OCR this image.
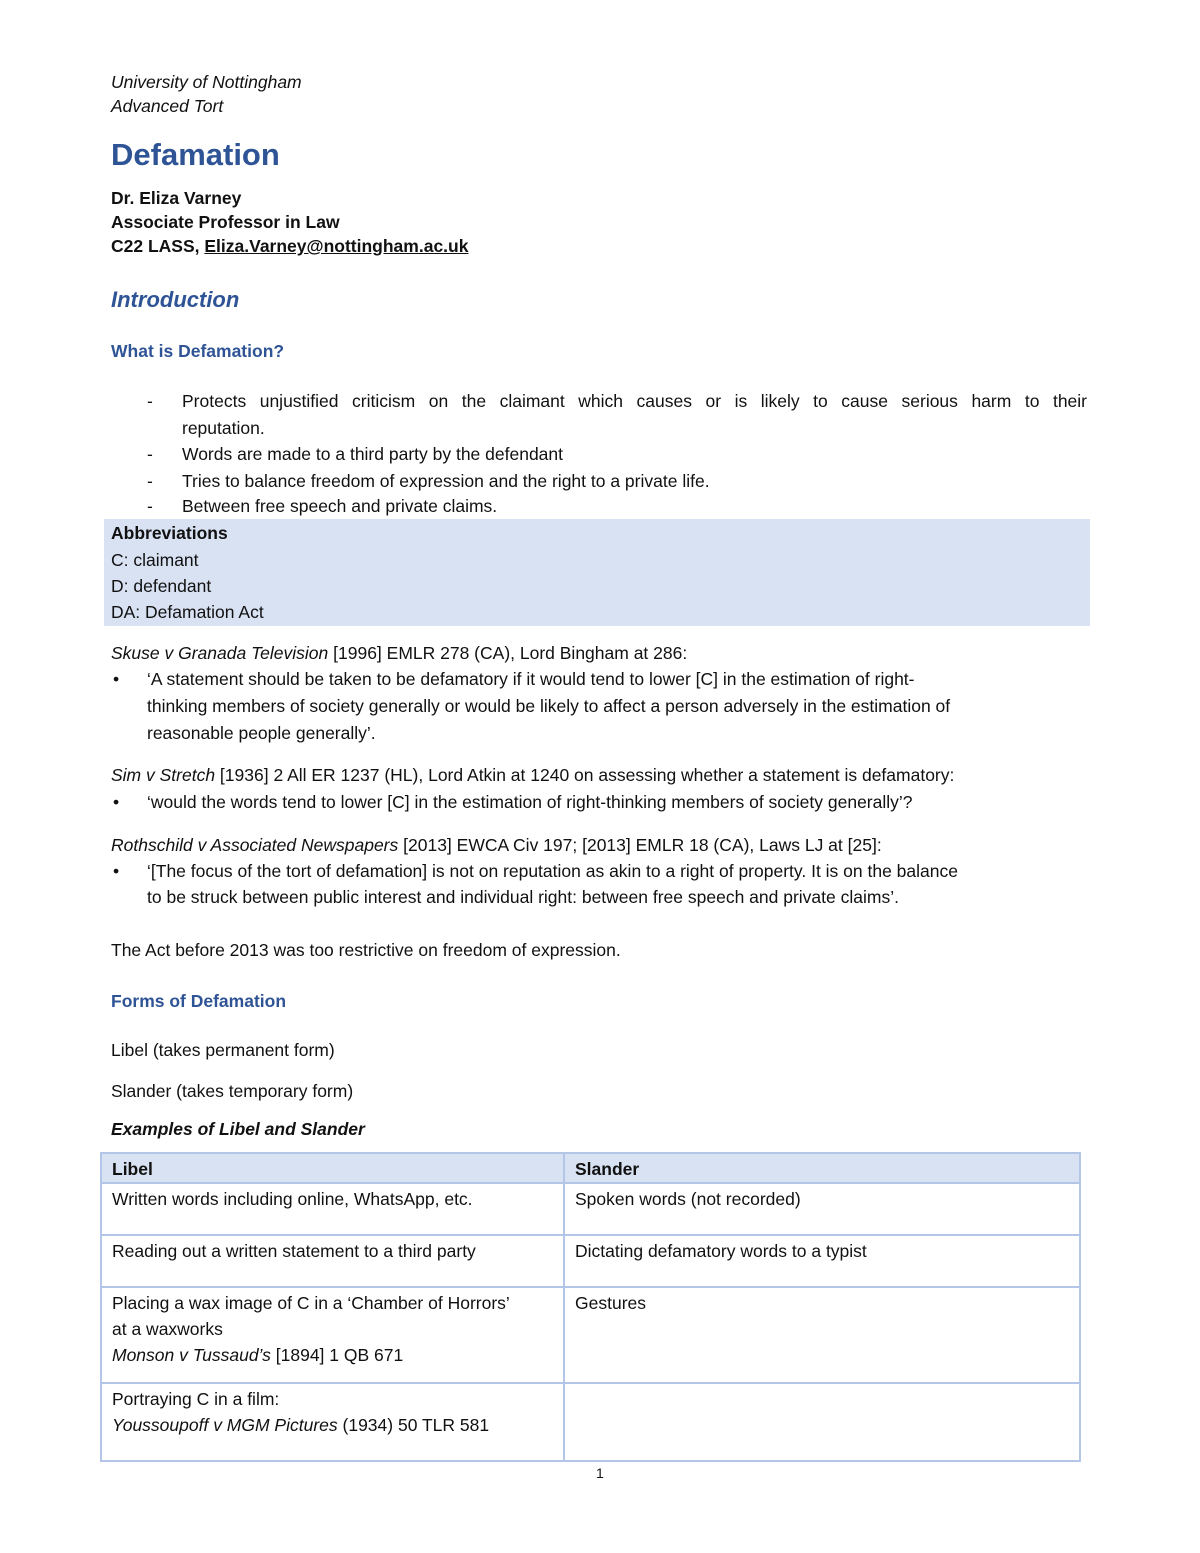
University of Nottingham
Advanced Tort
Defamation
Dr. Eliza Varney
Associate Professor in Law
C22 LASS, Eliza.Varney@nottingham.ac.uk
Introduction
What is Defamation?
- Protects unjustified criticism on the claimant which causes or is likely to cause serious harm to their
reputation.
- Words are made to a third party by the defendant
- Tries to balance freedom of expression and the right to a private life.
- Between free speech and private claims.
Abbreviations
C: claimant
D: defendant
DA: Defamation Act
Skuse v Granada Television [1996] EMLR 278 (CA), Lord Bingham at 286:
• ‘A statement should be taken to be defamatory if it would tend to lower [C] in the estimation of right-
thinking members of society generally or would be likely to affect a person adversely in the estimation of
reasonable people generally’.
Sim v Stretch [1936] 2 All ER 1237 (HL), Lord Atkin at 1240 on assessing whether a statement is defamatory:
• ‘would the words tend to lower [C] in the estimation of right-thinking members of society generally’?
Rothschild v Associated Newspapers [2013] EWCA Civ 197; [2013] EMLR 18 (CA), Laws LJ at [25]:
• ‘[The focus of the tort of defamation] is not on reputation as akin to a right of property. It is on the balance
to be struck between public interest and individual right: between free speech and private claims’.
The Act before 2013 was too restrictive on freedom of expression.
Forms of Defamation
Libel (takes permanent form)
Slander (takes temporary form)
Examples of Libel and Slander
Libel	Slander
Written words including online, WhatsApp, etc.	Spoken words (not recorded)
Reading out a written statement to a third party	Dictating defamatory words to a typist

Placing a wax image of C in a ‘Chamber of Horrors’
at a waxworks
Monson v Tussaud’s [1894] 1 QB 671	Gestures

Portraying C in a film:
Youssoupoff v MGM Pictures (1934) 50 TLR 581	

1
